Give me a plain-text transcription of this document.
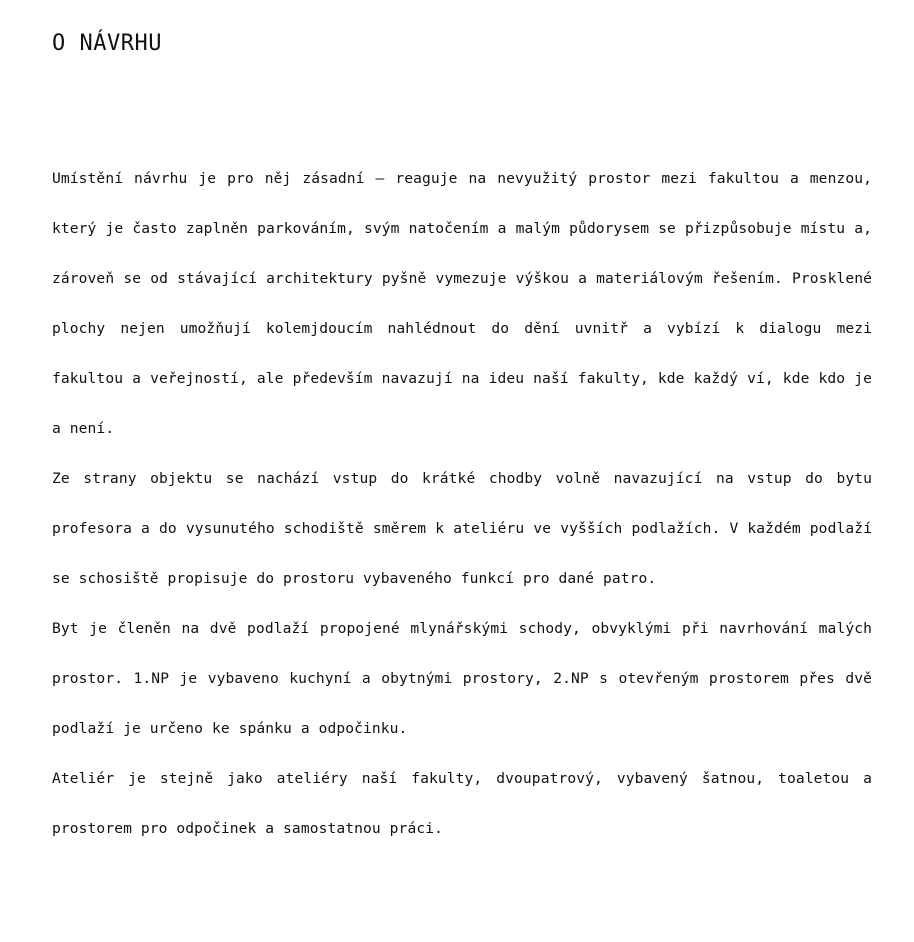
O NÁVRHU

Umístění návrhu je pro něj zásadní – reaguje na nevyužitý prostor mezi fakultou a menzou, který je často zaplněn parkováním, svým natočením a malým půdorysem se přizpůsobuje místu a, zároveň se od stávající architektury pyšně vymezuje výškou a materiálovým řešením. Prosklené plochy nejen umožňují kolemjdoucím nahlédnout do dění uvnitř a vybízí k dialogu mezi fakultou a veřejností, ale především navazují na ideu naší fakulty, kde každý ví, kde kdo je a není.

Ze strany objektu se nachází vstup do krátké chodby volně navazující na vstup do bytu profesora a do vysunutého schodiště směrem k ateliéru ve vyšších podlažích. V každém podlaží se schosiště propisuje do prostoru vybaveného funkcí pro dané patro.

Byt je členěn na dvě podlaží propojené mlynářskými schody, obvyklými při navrhování malých prostor. 1.NP je vybaveno kuchyní a obytnými prostory, 2.NP s otevřeným prostorem přes dvě podlaží je určeno ke spánku a odpočinku.

Ateliér je stejně jako ateliéry naší fakulty, dvoupatrový, vybavený šatnou, toaletou a prostorem pro odpočinek a samostatnou práci.
